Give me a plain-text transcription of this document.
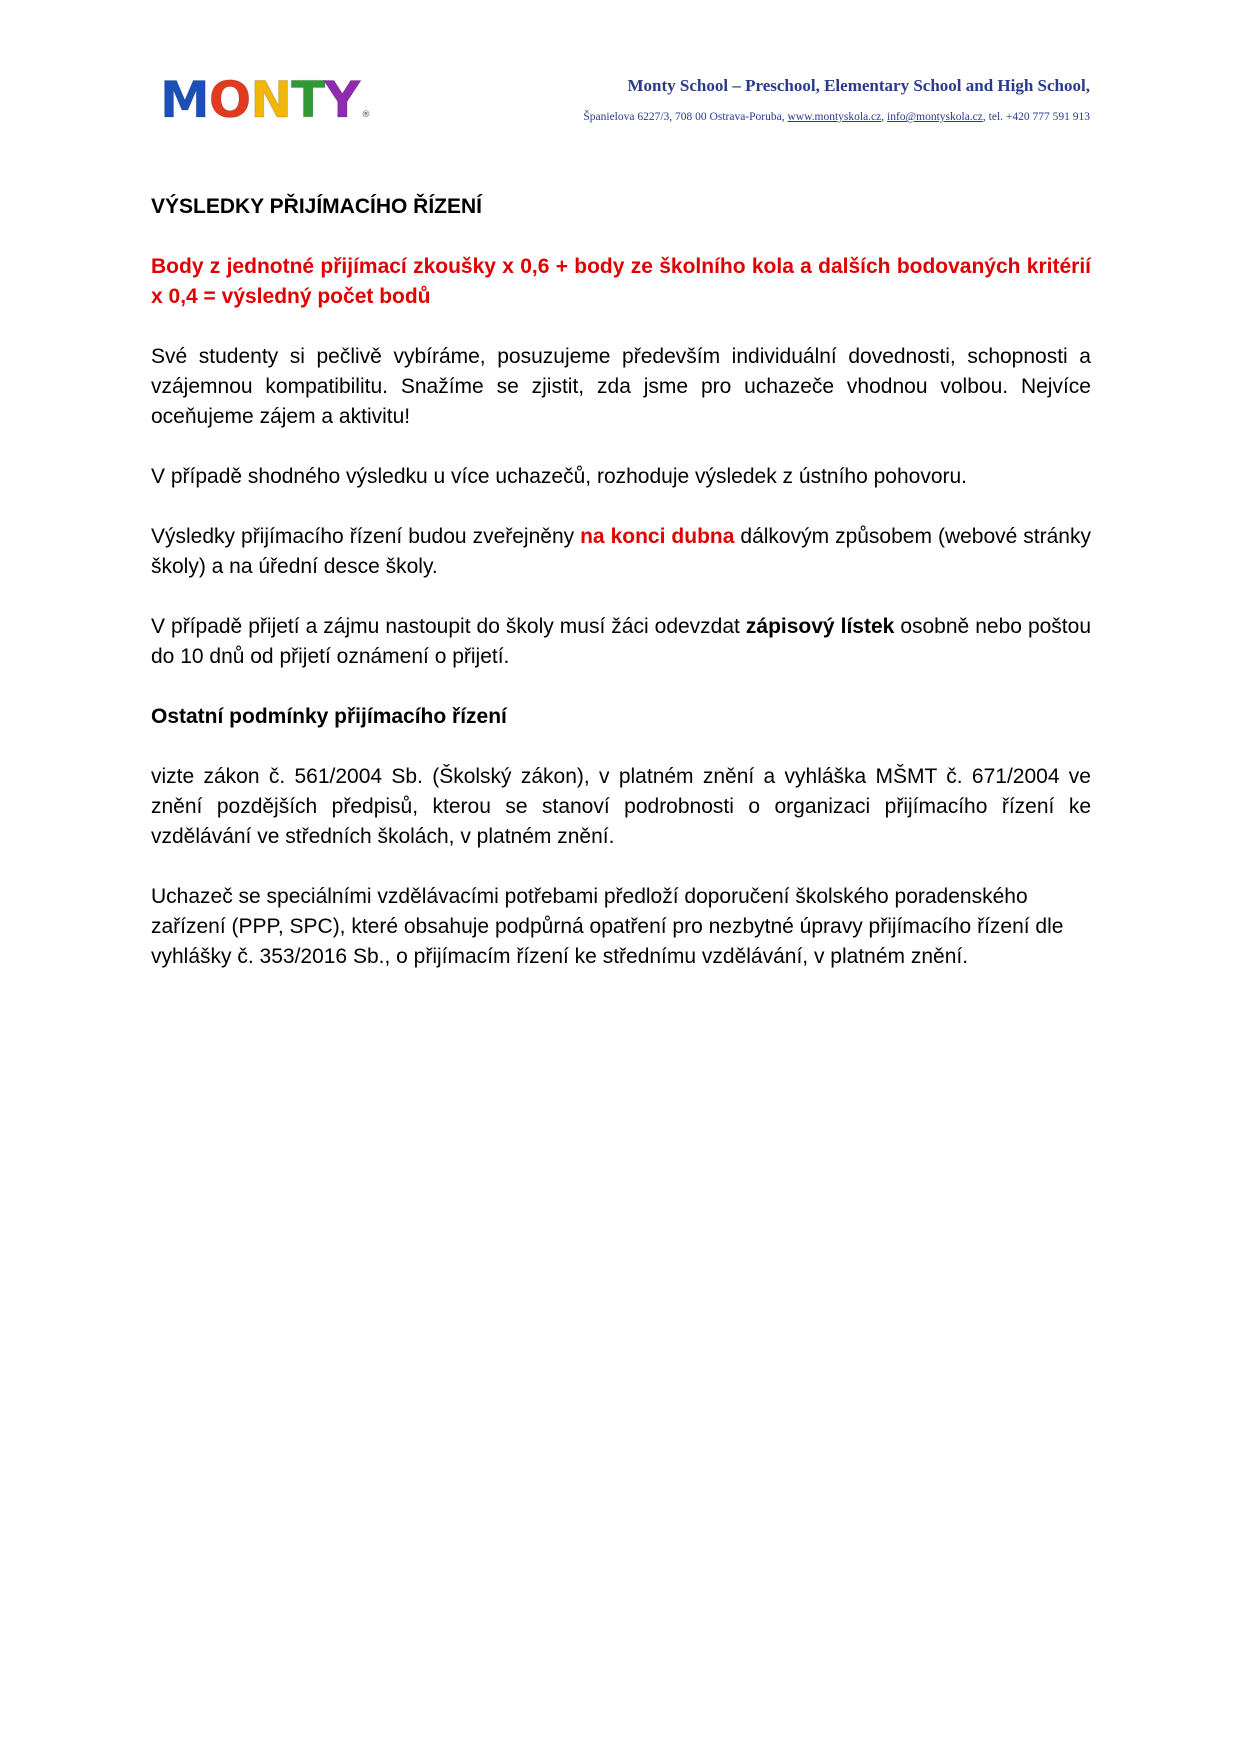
M O N T Y ®
Monty School – Preschool, Elementary School and High School,
Španielova 6227/3, 708 00 Ostrava-Poruba, www.montyskola.cz, info@montyskola.cz, tel. +420 777 591 913

VÝSLEDKY PŘIJÍMACÍHO ŘÍZENÍ

Body z jednotné přijímací zkoušky x 0,6 + body ze školního kola a dalších bodovaných kritérií x 0,4 = výsledný počet bodů

Své studenty si pečlivě vybíráme, posuzujeme především individuální dovednosti, schopnosti a vzájemnou kompatibilitu. Snažíme se zjistit, zda jsme pro uchazeče vhodnou volbou. Nejvíce oceňujeme zájem a aktivitu!

V případě shodného výsledku u více uchazečů, rozhoduje výsledek z ústního pohovoru.

Výsledky přijímacího řízení budou zveřejněny na konci dubna dálkovým způsobem (webové stránky školy) a na úřední desce školy.

V případě přijetí a zájmu nastoupit do školy musí žáci odevzdat zápisový lístek osobně nebo poštou do 10 dnů od přijetí oznámení o přijetí.

Ostatní podmínky přijímacího řízení

vizte zákon č. 561/2004 Sb. (Školský zákon), v platném znění a vyhláška MŠMT č. 671/2004 ve znění pozdějších předpisů, kterou se stanoví podrobnosti o organizaci přijímacího řízení ke vzdělávání ve středních školách, v platném znění.

Uchazeč se speciálními vzdělávacími potřebami předloží doporučení školského poradenského

zařízení (PPP, SPC), které obsahuje podpůrná opatření pro nezbytné úpravy přijímacího řízení dle

vyhlášky č. 353/2016 Sb., o přijímacím řízení ke střednímu vzdělávání, v platném znění.
